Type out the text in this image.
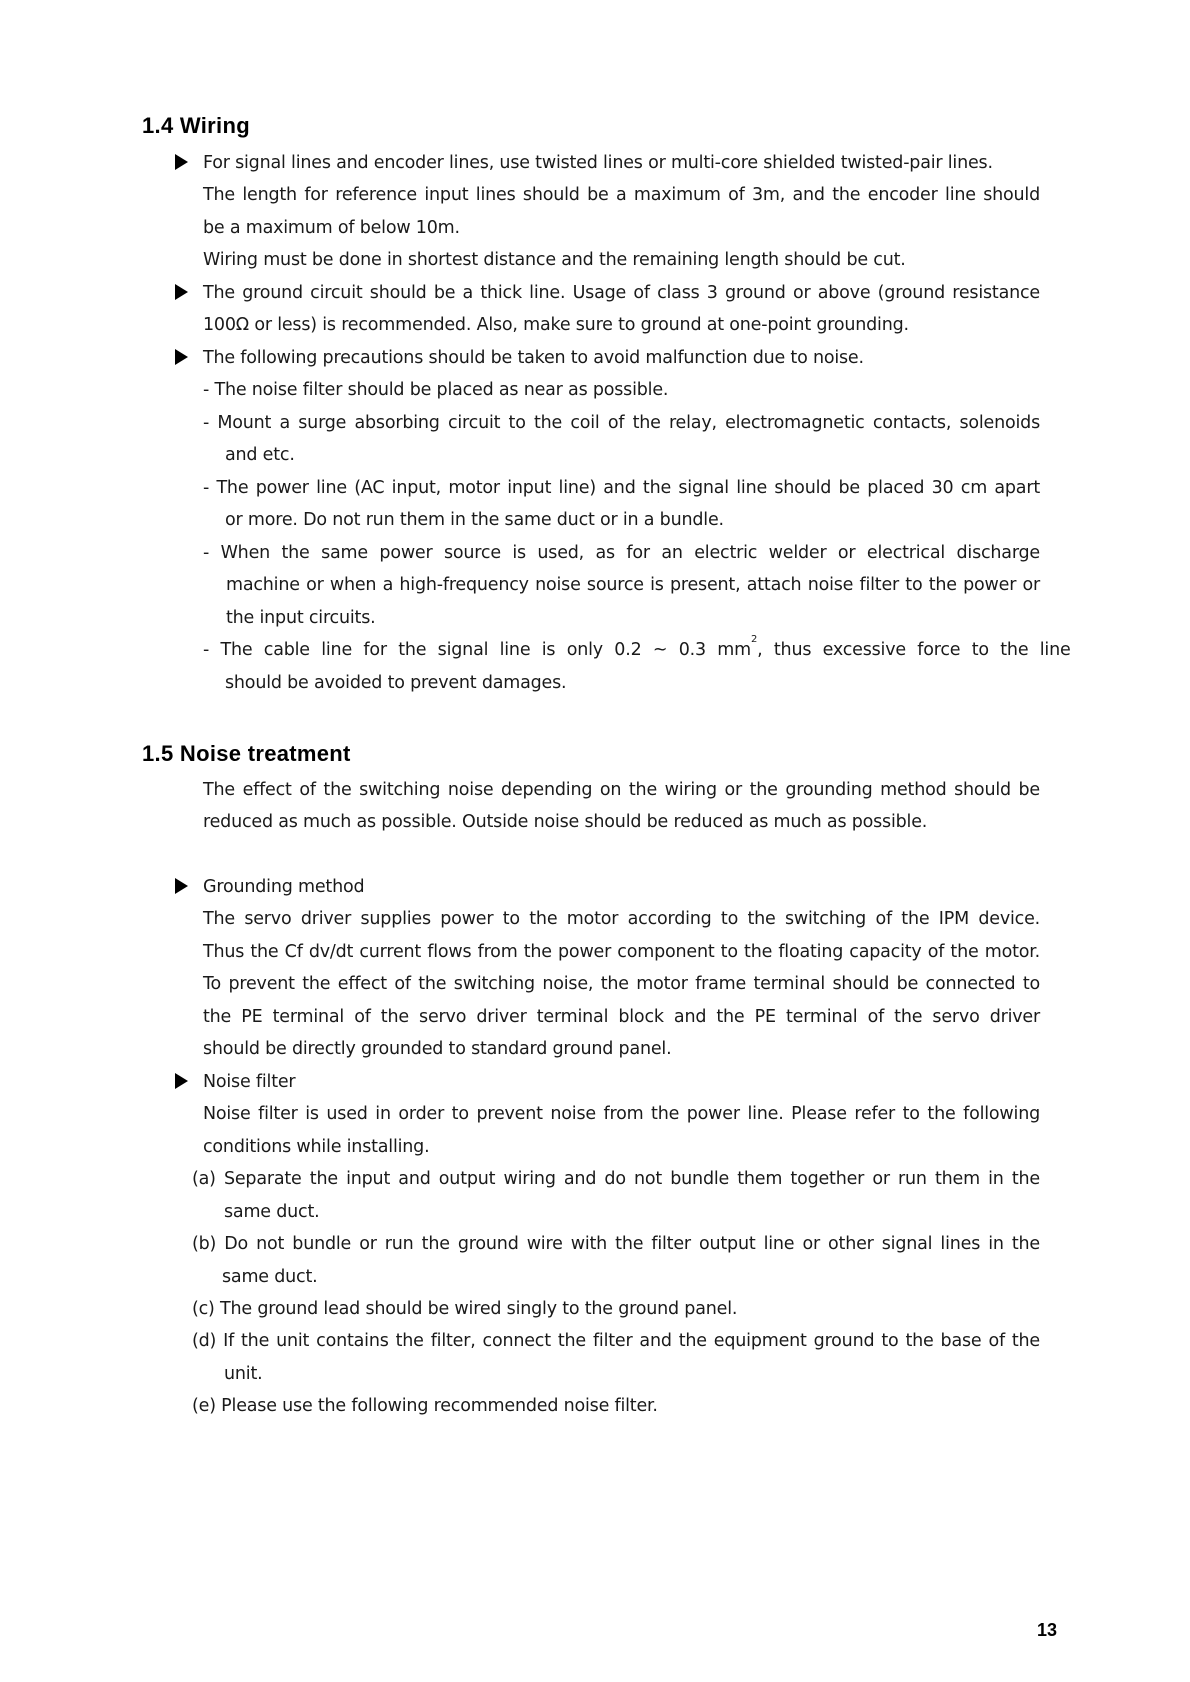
1.4 Wiring

For signal lines and encoder lines, use twisted lines or multi-core shielded twisted-pair lines.

The length for reference input lines should be a maximum of 3m, and the encoder line should

be a maximum of below 10m.

Wiring must be done in shortest distance and the remaining length should be cut.

The ground circuit should be a thick line. Usage of class 3 ground or above (ground resistance

100Ω or less) is recommended. Also, make sure to ground at one-point grounding.

The following precautions should be taken to avoid malfunction due to noise.

- The noise filter should be placed as near as possible.

- Mount a surge absorbing circuit to the coil of the relay, electromagnetic contacts, solenoids

and etc.

- The power line (AC input, motor input line) and the signal line should be placed 30 cm apart

or more. Do not run them in the same duct or in a bundle.

- When the same power source is used, as for an electric welder or electrical discharge

machine or when a high-frequency noise source is present, attach noise filter to the power or

the input circuits.

- The cable line for the signal line is only 0.2 ~ 0.3 mm
2
, thus excessive force to the line

should be avoided to prevent damages.

1.5 Noise treatment

The effect of the switching noise depending on the wiring or the grounding method should be

reduced as much as possible. Outside noise should be reduced as much as possible.

Grounding method

The servo driver supplies power to the motor according to the switching of the IPM device.

Thus the Cf dv/dt current flows from the power component to the floating capacity of the motor.

To prevent the effect of the switching noise, the motor frame terminal should be connected to

the PE terminal of the servo driver terminal block and the PE terminal of the servo driver

should be directly grounded to standard ground panel.

Noise filter

Noise filter is used in order to prevent noise from the power line. Please refer to the following

conditions while installing.

(a) Separate the input and output wiring and do not bundle them together or run them in the

same duct.

(b) Do not bundle or run the ground wire with the filter output line or other signal lines in the

same duct.

(c) The ground lead should be wired singly to the ground panel.

(d) If the unit contains the filter, connect the filter and the equipment ground to the base of the

unit.

(e) Please use the following recommended noise filter.

13
